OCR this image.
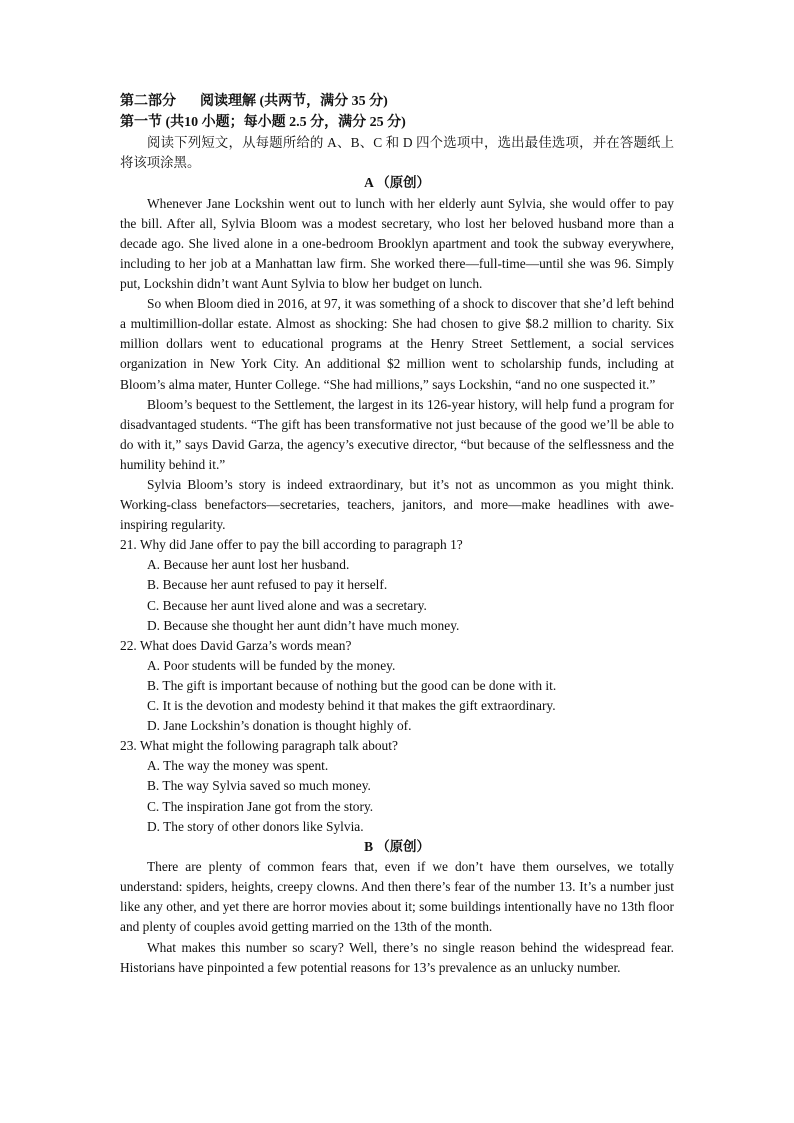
第二部分 阅读理解 (共两节，满分 35 分)
第一节 (共10 小题；每小题 2.5 分，满分 25 分)

阅读下列短文，从每题所给的 A、B、C 和 D 四个选项中，选出最佳选项，并在答题纸上将该项涂黑。

A （原创）

Whenever Jane Lockshin went out to lunch with her elderly aunt Sylvia, she would offer to pay the bill. After all, Sylvia Bloom was a modest secretary, who lost her beloved husband more than a decade ago. She lived alone in a one-bedroom Brooklyn apartment and took the subway everywhere, including to her job at a Manhattan law firm. She worked there—full-time—until she was 96. Simply put, Lockshin didn’t want Aunt Sylvia to blow her budget on lunch.

So when Bloom died in 2016, at 97, it was something of a shock to discover that she’d left behind a multimillion-dollar estate. Almost as shocking: She had chosen to give $8.2 million to charity. Six million dollars went to educational programs at the Henry Street Settlement, a social services organization in New York City. An additional $2 million went to scholarship funds, including at Bloom’s alma mater, Hunter College. “She had millions,” says Lockshin, “and no one suspected it.”

Bloom’s bequest to the Settlement, the largest in its 126-year history, will help fund a program for disadvantaged students. “The gift has been transformative not just because of the good we’ll be able to do with it,” says David Garza, the agency’s executive director, “but because of the selflessness and the humility behind it.”

Sylvia Bloom’s story is indeed extraordinary, but it’s not as uncommon as you might think. Working-class benefactors—secretaries, teachers, janitors, and more—make headlines with awe-inspiring regularity.

21. Why did Jane offer to pay the bill according to paragraph 1?
A. Because her aunt lost her husband.
B. Because her aunt refused to pay it herself.
C. Because her aunt lived alone and was a secretary.
D. Because she thought her aunt didn’t have much money.
22. What does David Garza’s words mean?
A. Poor students will be funded by the money.
B. The gift is important because of nothing but the good can be done with it.
C. It is the devotion and modesty behind it that makes the gift extraordinary.
D. Jane Lockshin’s donation is thought highly of.
23. What might the following paragraph talk about?
A. The way the money was spent.
B. The way Sylvia saved so much money.
C. The inspiration Jane got from the story.
D. The story of other donors like Sylvia.
B （原创）

There are plenty of common fears that, even if we don’t have them ourselves, we totally understand: spiders, heights, creepy clowns. And then there’s fear of the number 13. It’s a number just like any other, and yet there are horror movies about it; some buildings intentionally have no 13th floor and plenty of couples avoid getting married on the 13th of the month.

What makes this number so scary? Well, there’s no single reason behind the widespread fear. Historians have pinpointed a few potential reasons for 13’s prevalence as an unlucky number.
